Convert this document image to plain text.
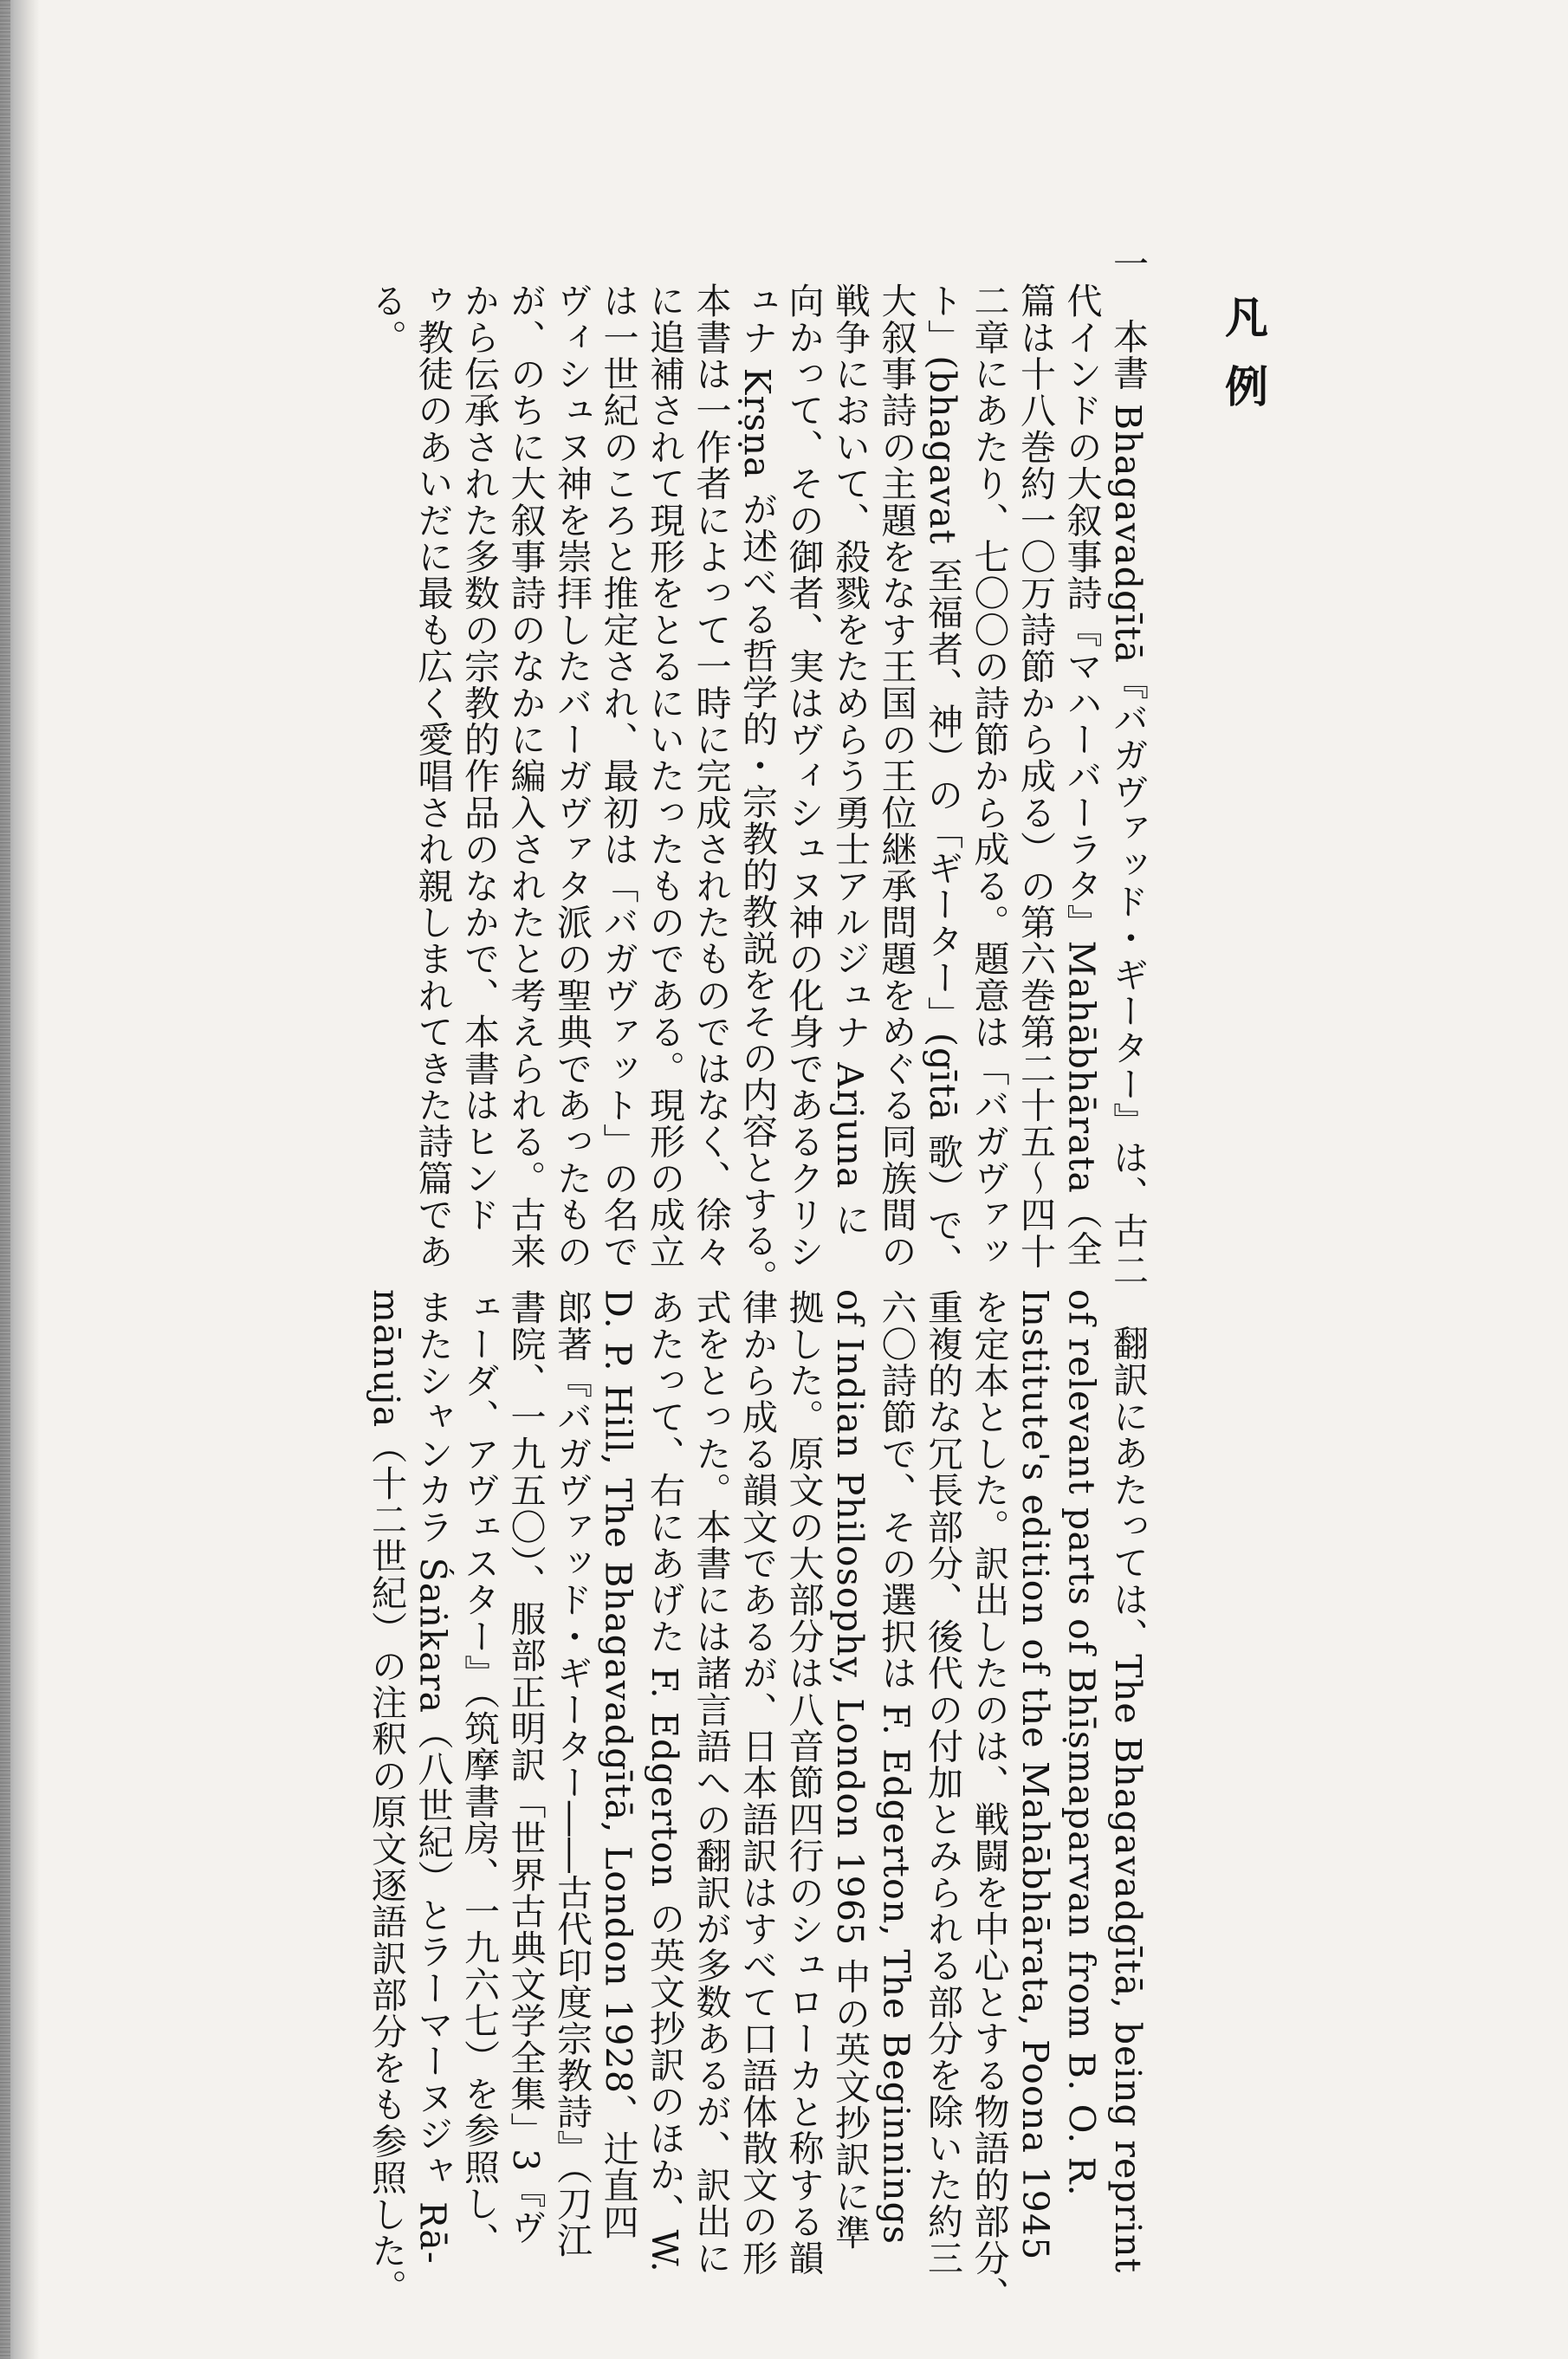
凡例
一　本書 Bhagavadgītā『バガヴァッド・ギーター』は、古
代インドの大叙事詩『マハーバーラタ』Mahābhārata（全
篇は十八巻約一〇万詩節から成る）の第六巻第二十五〜四十
二章にあたり、七〇〇の詩節から成る。題意は「バガヴァッ
ト」(bhagavat 至福者、神）の「ギーター」(gītā 歌）で、
大叙事詩の主題をなす王国の王位継承問題をめぐる同族間の
戦争において、殺戮をためらう勇士アルジュナ Arjuna に
向かって、その御者、実はヴィシュヌ神の化身であるクリシ
ュナ Kṛṣṇa が述べる哲学的・宗教的教説をその内容とする。
本書は一作者によって一時に完成されたものではなく、徐々
に追補されて現形をとるにいたったものである。現形の成立
は一世紀のころと推定され、最初は「バガヴァット」の名で
ヴィシュヌ神を崇拝したバーガヴァタ派の聖典であったもの
が、のちに大叙事詩のなかに編入されたと考えられる。古来
から伝承された多数の宗教的作品のなかで、本書はヒンド
ゥ教徒のあいだに最も広く愛唱され親しまれてきた詩篇であ
る。
二　翻訳にあたっては、The Bhagavadgītā, being reprint
of relevant parts of Bhīṣmaparvan from B. O. R.
Institute's edition of the Mahābhārata, Poona 1945
を定本とした。訳出したのは、戦闘を中心とする物語的部分、
重複的な冗長部分、後代の付加とみられる部分を除いた約三
六〇詩節で、その選択は F. Edgerton, The Beginnings
of Indian Philosophy, London 1965 中の英文抄訳に準
拠した。原文の大部分は八音節四行のシュローカと称する韻
律から成る韻文であるが、日本語訳はすべて口語体散文の形
式をとった。本書には諸言語への翻訳が多数あるが、訳出に
あたって、右にあげた F. Edgerton の英文抄訳のほか、W.
D. P. Hill, The Bhagavadgītā, London 1928、辻直四
郎著『バガヴァッド・ギーター――古代印度宗教詩』（刀江
書院、一九五〇）、服部正明訳「世界古典文学全集」3『ヴ
ェーダ、アヴェスター』（筑摩書房、一九六七）を参照し、
またシャンカラ Śaṅkara（八世紀）とラーマーヌジャ Rā-
mānuja（十二世紀）の注釈の原文逐語訳部分をも参照した。
